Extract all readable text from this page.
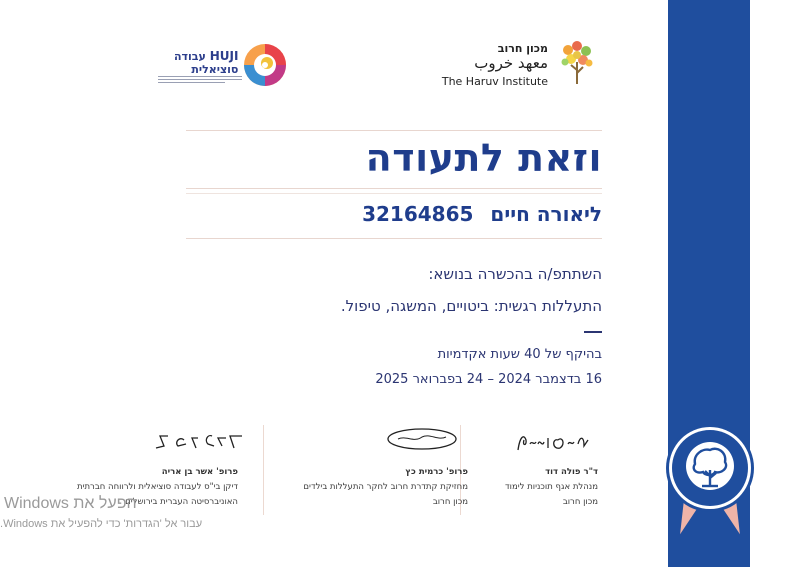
מכון חרוב
معهد خروب
The Haruv Institute
HUJI עבודה
סוציאלית
וזאת לתעודה
ליאורה חיים 32164865
השתתפ/ה בהכשרה בנושא:
התעללות רגשית: ביטויים, המשגה, טיפול.
בהיקף של 40 שעות אקדמיות
16 בדצמבר 2024 – 24 בפברואר 2025
ד"ר פולה דוד
מנהלת אגף תוכניות לימוד
מכון חרוב
פרופ' כרמית כץ
מחזיקת קתדרת חרוב לחקר התעללות בילדים
מכון חרוב
פרופ' אשר בן אריה
דיקן בי"ס לעבודה סוציאלית ולרווחה חברתית
האוניברסיטה העברית בירושלים
הפעל את Windows
עבור אל 'הגדרות' כדי להפעיל את Windows.
